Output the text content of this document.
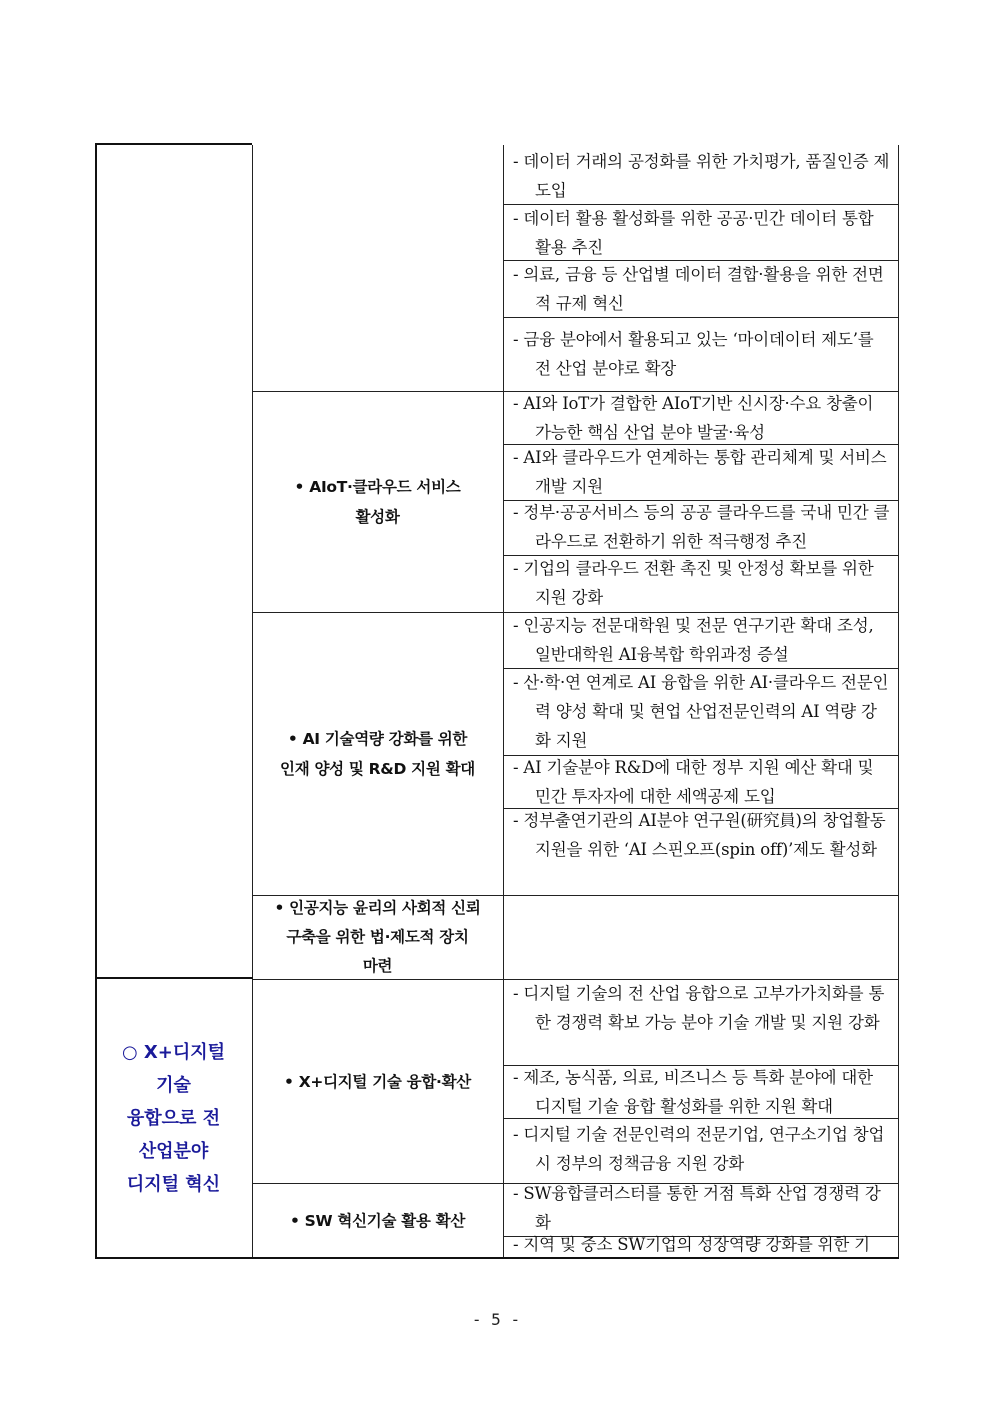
- 데이터 거래의 공정화를 위한 가치평가, 품질인증 제 도입
- 데이터 활용 활성화를 위한 공공·민간 데이터 통합 활용 추진
- 의료, 금융 등 산업별 데이터 결합·활용을 위한 전면적 규제 혁신
- 금융 분야에서 활용되고 있는 ‘마이데이터 제도’를 전 산업 분야로 확장
• AIoT·클라우드 서비스
활성화
- AI와 IoT가 결합한 AIoT기반 신시장·수요 창출이 가능한 핵심 산업 분야 발굴·육성
- AI와 클라우드가 연계하는 통합 관리체계 및 서비스 개발 지원
- 정부·공공서비스 등의 공공 클라우드를 국내 민간 클라우드로 전환하기 위한 적극행정 추진
- 기업의 클라우드 전환 촉진 및 안정성 확보를 위한 지원 강화
• AI 기술역량 강화를 위한
인재 양성 및 R&D 지원 확대
- 인공지능 전문대학원 및 전문 연구기관 확대 조성, 일반대학원 AI융복합 학위과정 증설
- 산·학·연 연계로 AI 융합을 위한 AI·클라우드 전문인력 양성 확대 및 현업 산업전문인력의 AI 역량 강화 지원
- AI 기술분야 R&D에 대한 정부 지원 예산 확대 및 민간 투자자에 대한 세액공제 도입
- 정부출연기관의 AI분야 연구원(研究員)의 창업활동 지원을 위한 ‘AI 스핀오프(spin off)’제도 활성화
• 인공지능 윤리의 사회적 신뢰
구축을 위한 법·제도적 장치
마련
○ X+디지털
기술
융합으로 전
산업분야
디지털 혁신
• X+디지털 기술 융합·확산
- 디지털 기술의 전 산업 융합으로 고부가가치화를 통한 경쟁력 확보 가능 분야 기술 개발 및 지원 강화
- 제조, 농식품, 의료, 비즈니스 등 특화 분야에 대한 디지털 기술 융합 활성화를 위한 지원 확대
- 디지털 기술 전문인력의 전문기업, 연구소기업 창업 시 정부의 정책금융 지원 강화
• SW 혁신기술 활용 확산
- SW융합클러스터를 통한 거점 특화 산업 경쟁력 강화
- 지역 및 중소 SW기업의 성장역량 강화를 위한 기
- 5 -
